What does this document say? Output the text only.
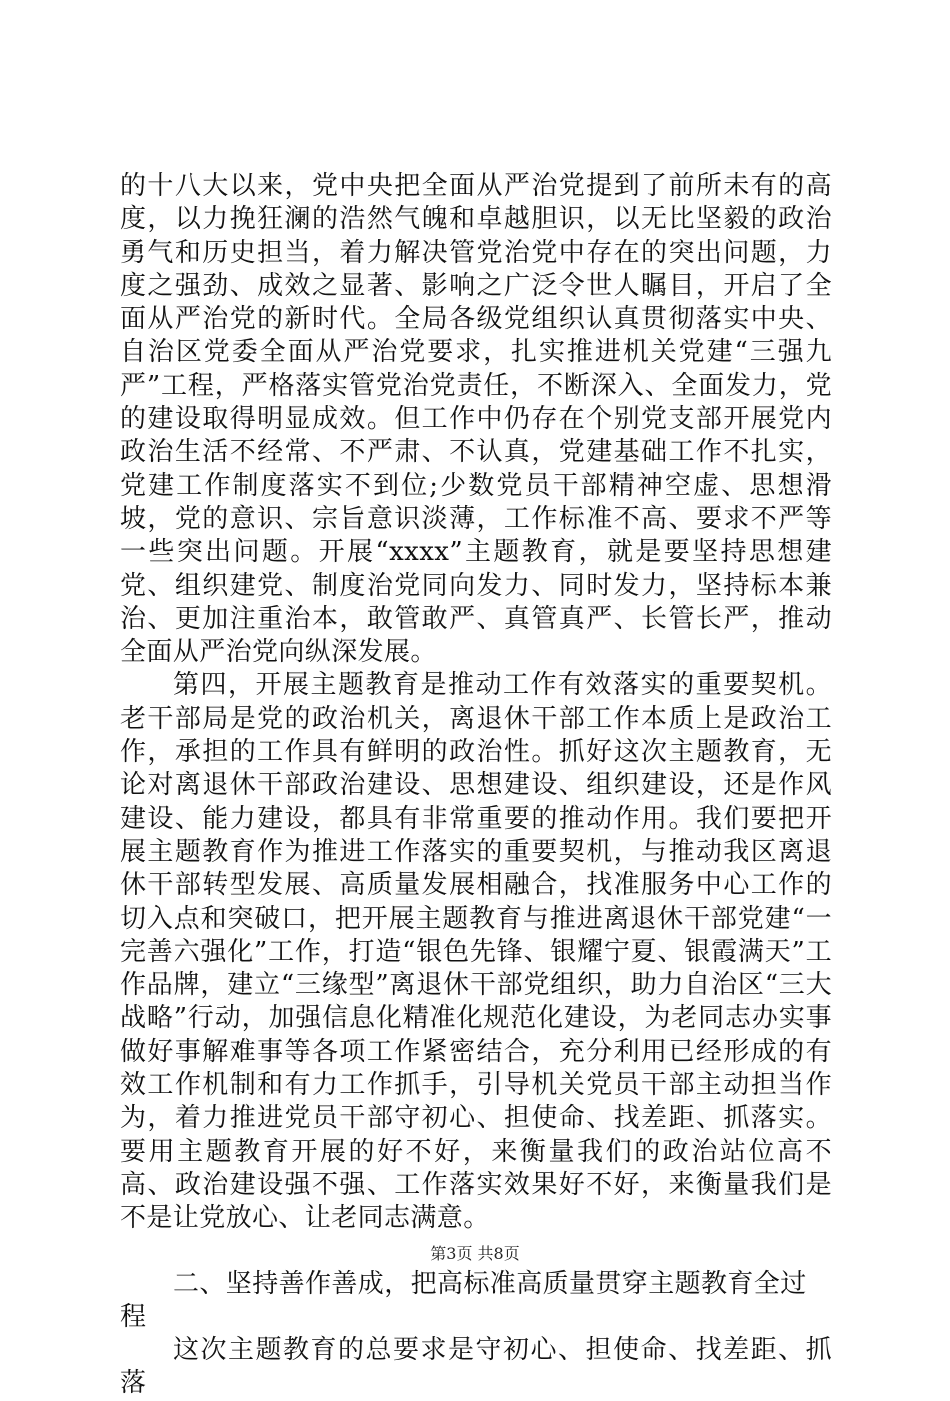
的十八大以来，党中央把全面从严治党提到了前所未有的高度，以力挽狂澜的浩然气魄和卓越胆识，以无比坚毅的政治勇气和历史担当，着力解决管党治党中存在的突出问题，力度之强劲、成效之显著、影响之广泛令世人瞩目，开启了全面从严治党的新时代。全局各级党组织认真贯彻落实中央、自治区党委全面从严治党要求，扎实推进机关党建“三强九严”工程，严格落实管党治党责任，不断深入、全面发力，党的建设取得明显成效。但工作中仍存在个别党支部开展党内政治生活不经常、不严肃、不认真，党建基础工作不扎实，党建工作制度落实不到位;少数党员干部精神空虚、思想滑坡，党的意识、宗旨意识淡薄，工作标准不高、要求不严等一些突出问题。开展“xxxx”主题教育，就是要坚持思想建党、组织建党、制度治党同向发力、同时发力，坚持标本兼治、更加注重治本，敢管敢严、真管真严、长管长严，推动全面从严治党向纵深发展。

第四，开展主题教育是推动工作有效落实的重要契机。老干部局是党的政治机关，离退休干部工作本质上是政治工作，承担的工作具有鲜明的政治性。抓好这次主题教育，无论对离退休干部政治建设、思想建设、组织建设，还是作风建设、能力建设，都具有非常重要的推动作用。我们要把开展主题教育作为推进工作落实的重要契机，与推动我区离退休干部转型发展、高质量发展相融合，找准服务中心工作的切入点和突破口，把开展主题教育与推进离退休干部党建“一完善六强化”工作，打造“银色先锋、银耀宁夏、银霞满天”工作品牌，建立“三缘型”离退休干部党组织，助力自治区“三大战略”行动，加强信息化精准化规范化建设，为老同志办实事做好事解难事等各项工作紧密结合，充分利用已经形成的有效工作机制和有力工作抓手，引导机关党员干部主动担当作为，着力推进党员干部守初心、担使命、找差距、抓落实。要用主题教育开展的好不好，来衡量我们的政治站位高不高、政治建设强不强、工作落实效果好不好，来衡量我们是不是让党放心、让老同志满意。

二、坚持善作善成，把高标准高质量贯穿主题教育全过程

这次主题教育的总要求是守初心、担使命、找差距、抓落

第3页 共8页
